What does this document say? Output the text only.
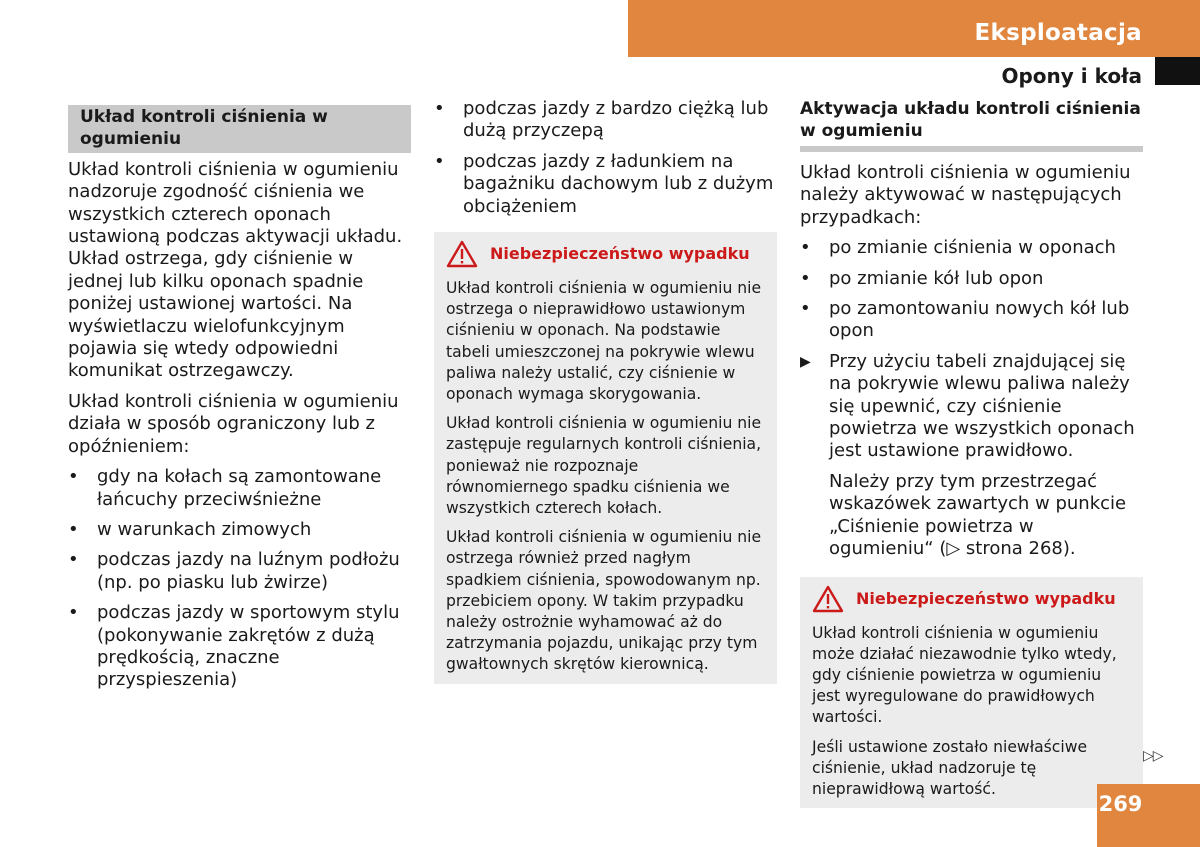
Eksploatacja
Opony i koła
Układ kontroli ciśnienia w ogumieniu

Układ kontroli ciśnienia w ogumieniu nadzoruje zgodność ciśnienia we wszystkich czterech oponach ustawioną podczas aktywacji układu. Układ ostrzega, gdy ciśnienie w jednej lub kilku oponach spadnie poniżej ustawionej wartości. Na wyświetlaczu wielofunkcyjnym pojawia się wtedy odpowiedni komunikat ostrzegawczy.

Układ kontroli ciśnienia w ogumieniu działa w sposób ograniczony lub z opóźnieniem:

•	gdy na kołach są zamontowane łańcuchy przeciwśnieżne
•	w warunkach zimowych
•	podczas jazdy na luźnym podłożu (np. po piasku lub żwirze)
•	podczas jazdy w sportowym stylu (pokonywanie zakrętów z dużą prędkością, znaczne przyspieszenia)
•	podczas jazdy z bardzo ciężką lub dużą przyczepą
•	podczas jazdy z ładunkiem na bagażniku dachowym lub z dużym obciążeniem
Niebezpieczeństwo wypadku

Układ kontroli ciśnienia w ogumieniu nie ostrzega o nieprawidłowo ustawionym ciśnieniu w oponach. Na podstawie tabeli umieszczonej na pokrywie wlewu paliwa należy ustalić, czy ciśnienie w oponach wymaga skorygowania.

Układ kontroli ciśnienia w ogumieniu nie zastępuje regularnych kontroli ciśnienia, ponieważ nie rozpoznaje równomiernego spadku ciśnienia we wszystkich czterech kołach.

Układ kontroli ciśnienia w ogumieniu nie ostrzega również przed nagłym spadkiem ciśnienia, spowodowanym np. przebiciem opony. W takim przypadku należy ostrożnie wyhamować aż do zatrzymania pojazdu, unikając przy tym gwałtownych skrętów kierownicą.

Aktywacja układu kontroli ciśnienia w ogumieniu

Układ kontroli ciśnienia w ogumieniu należy aktywować w następujących przypadkach:

•	po zmianie ciśnienia w oponach
•	po zmianie kół lub opon
•	po zamontowaniu nowych kół lub opon
▶ Przy użyciu tabeli znajdującej się na pokrywie wlewu paliwa należy się upewnić, czy ciśnienie powietrza we wszystkich oponach jest ustawione prawidłowo.

Należy przy tym przestrzegać wskazówek zawartych w punkcie „Ciśnienie powietrza w ogumieniu“ (▷ strona 268).

Niebezpieczeństwo wypadku

Układ kontroli ciśnienia w ogumieniu może działać niezawodnie tylko wtedy, gdy ciśnienie powietrza w ogumieniu jest wyregulowane do prawidłowych wartości.

Jeśli ustawione zostało niewłaściwe ciśnienie, układ nadzoruje tę nieprawidłową wartość.

▷▷
269
